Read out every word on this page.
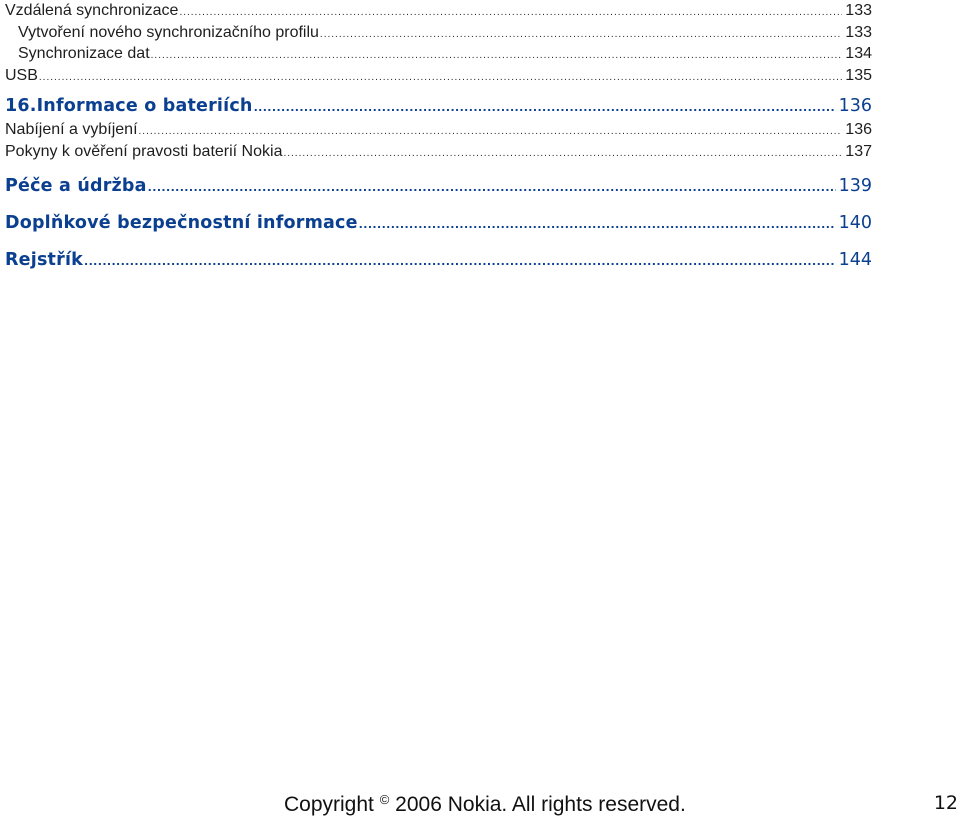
Vzdálená synchronizace .....	133
Vytvoření nového synchronizačního profilu .....	133
Synchronizace dat .....	134
USB .....	135
16.Informace o bateriích .....	136
Nabíjení a vybíjení .....	136
Pokyny k ověření pravosti baterií Nokia .....	137
Péče a údržba .....	139
Doplňkové bezpečnostní informace .....	140
Rejstřík .....	144
Copyright © 2006 Nokia. All rights reserved.	12
